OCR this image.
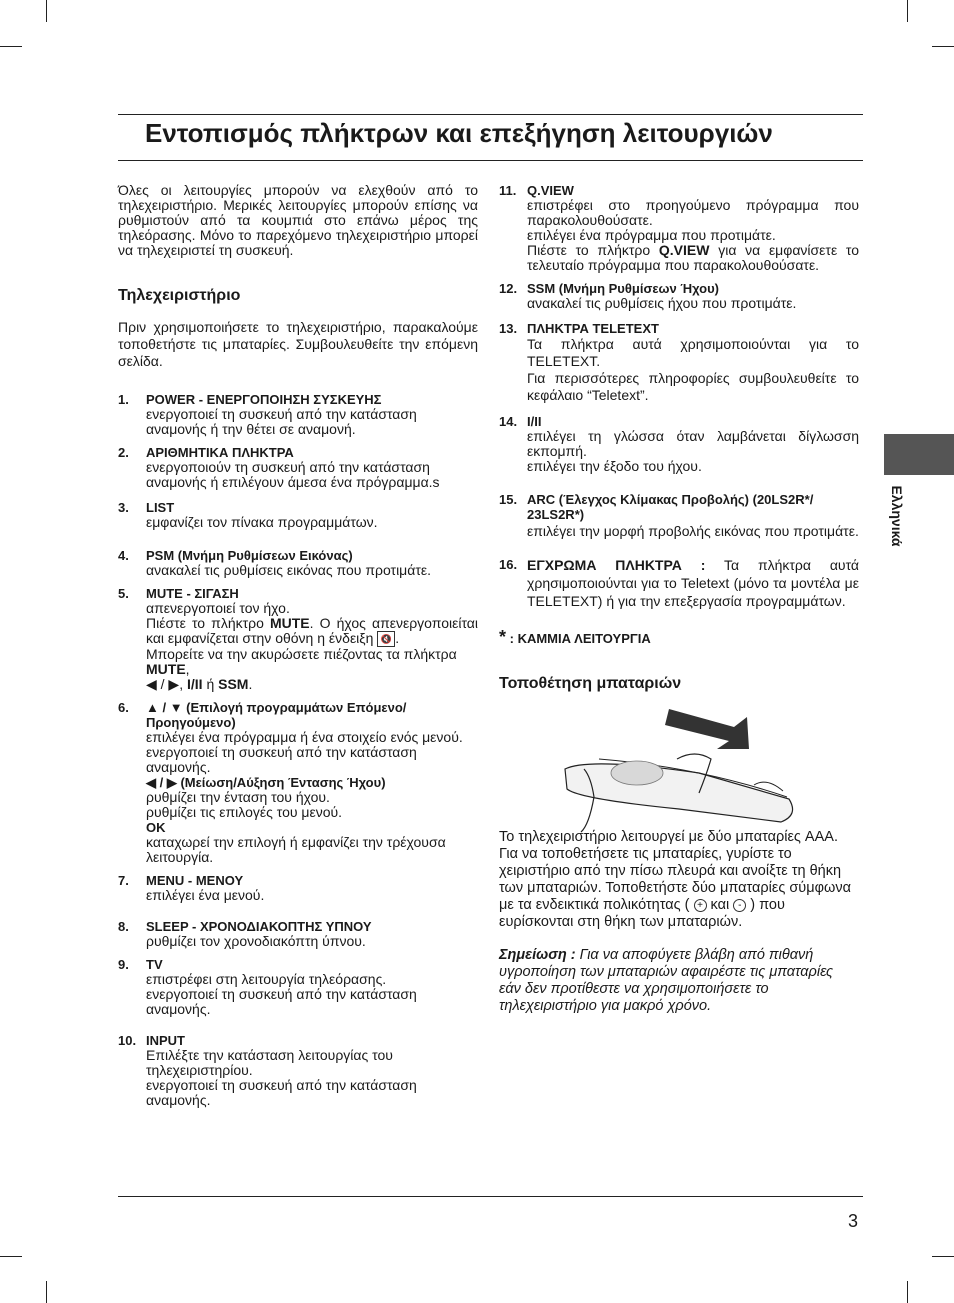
Εντοπισμός πλήκτρων και επεξήγηση λειτουργιών

Όλες οι λειτουργίες μπορούν να ελεχθούν από το τηλεχειριστήριο. Μερικές λειτουργίες μπορούν επίσης να ρυθμιστούν από τα κουμπιά στο επάνω μέρος της τηλεόρασης. Μόνο το παρεχόμενο τηλεχειριστήριο μπορεί να τηλεχειριστεί τη συσκευή.

Τηλεχειριστήριο

Πριν χρησιμοποιήσετε το τηλεχειριστήριο, παρακαλούμε τοποθετήστε τις μπαταρίες. Συμβουλευθείτε την επόμενη σελίδα.

1. POWER - ΕΝΕΡΓΟΠΟΙΗΣΗ ΣΥΣΚΕΥΗΣ

ενεργοποιεί τη συσκευή από την κατάσταση αναμονής ή την θέτει σε αναμονή.

2. ΑΡΙΘΜΗΤΙΚΑ ΠΛΗΚΤΡΑ

ενεργοποιούν τη συσκευή από την κατάσταση αναμονής ή επιλέγουν άμεσα ένα πρόγραμμα.s

3. LIST

εμφανίζει τον πίνακα προγραμμάτων.

4. PSM (Μνήμη Ρυθμίσεων Εικόνας)

ανακαλεί τις ρυθμίσεις εικόνας που προτιμάτε.

5. MUTE - ΣΙΓΑΣΗ

απενεργοποιεί τον ήχο.

Πιέστε το πλήκτρο MUTE. Ο ήχος απενεργοποιείται και εμφανίζεται στην οθόνη η ένδειξη 🔇 .

Μπορείτε να την ακυρώσετε πιέζοντας τα πλήκτρα MUTE,
◀ / ▶, I/II ή SSM.

6. ▲ / ▼ (Επιλογή προγραμμάτων Επόμενο/Προηγούμενο)

επιλέγει ένα πρόγραμμα ή ένα στοιχείο ενός μενού.

ενεργοποιεί τη συσκευή από την κατάσταση αναμονής.

◀ / ▶ (Μείωση/Αύξηση Έντασης Ήχου)

ρυθμίζει την ένταση του ήχου.

ρυθμίζει τις επιλογές του μενού.

OK

καταχωρεί την επιλογή ή εμφανίζει την τρέχουσα λειτουργία.

7. MENU - ΜΕΝΟΥ

επιλέγει ένα μενού.

8. SLEEP - ΧΡΟΝΟΔΙΑΚΟΠΤΗΣ ΥΠΝΟΥ

ρυθμίζει τον χρονοδιακόπτη ύπνου.

9. TV

επιστρέφει στη λειτουργία τηλεόρασης.

ενεργοποιεί τη συσκευή από την κατάσταση αναμονής.

10. INPUT

Επιλέξτε την κατάσταση λειτουργίας του τηλεχειριστηρίου.

ενεργοποιεί τη συσκευή από την κατάσταση αναμονής.

11. Q.VIEW

επιστρέφει στο προηγούμενο πρόγραμμα που παρακολουθούσατε.

επιλέγει ένα πρόγραμμα που προτιμάτε.

Πιέστε το πλήκτρο Q.VIEW για να εμφανίσετε το τελευταίο πρόγραμμα που παρακολουθούσατε.

12. SSM (Μνήμη Ρυθμίσεων Ήχου)

ανακαλεί τις ρυθμίσεις ήχου που προτιμάτε.

13. ΠΛΗΚΤΡΑ TELETEXT

Τα πλήκτρα αυτά χρησιμοποιούνται για το TELETEXT.

Για περισσότερες πληροφορίες συμβουλευθείτε το κεφάλαιο “Teletext”.

14. I/II

επιλέγει τη γλώσσα όταν λαμβάνεται δίγλωσση εκπομπή.

επιλέγει την έξοδο του ήχου.

15. ARC (Έλεγχος Κλίμακας Προβολής) (20LS2R*/ 23LS2R*)

επιλέγει την μορφή προβολής εικόνας που προτιμάτε.

16. ΕΓΧΡΩΜΑ ΠΛΗΚΤΡΑ : Τα πλήκτρα αυτά χρησιμοποιούνται για το Teletext (μόνο τα μοντέλα με TELETEXT) ή για την επεξεργασία προγραμμάτων.

* : ΚΑΜΜΙΑ ΛΕΙΤΟΥΡΓΙΑ

Τοποθέτηση μπαταριών

Το τηλεχειριστήριο λειτουργεί με δύο μπαταρίες AAA. Για να τοποθετήσετε τις μπαταρίες, γυρίστε το χειριστήριο από την πίσω πλευρά και ανοίξτε τη θήκη των μπαταριών. Τοποθετήστε δύο μπαταρίες σύμφωνα με τα ενδεικτικά πολικότητας ( + και - ) που ευρίσκονται στη θήκη των μπαταριών.

Σημείωση : Για να αποφύγετε βλάβη από πιθανή υγροποίηση των μπαταριών αφαιρέστε τις μπαταρίες εάν δεν προτίθεστε να χρησιμοποιήσετε το τηλεχειριστήριο για μακρό χρόνο.

Ελληνικά
3
